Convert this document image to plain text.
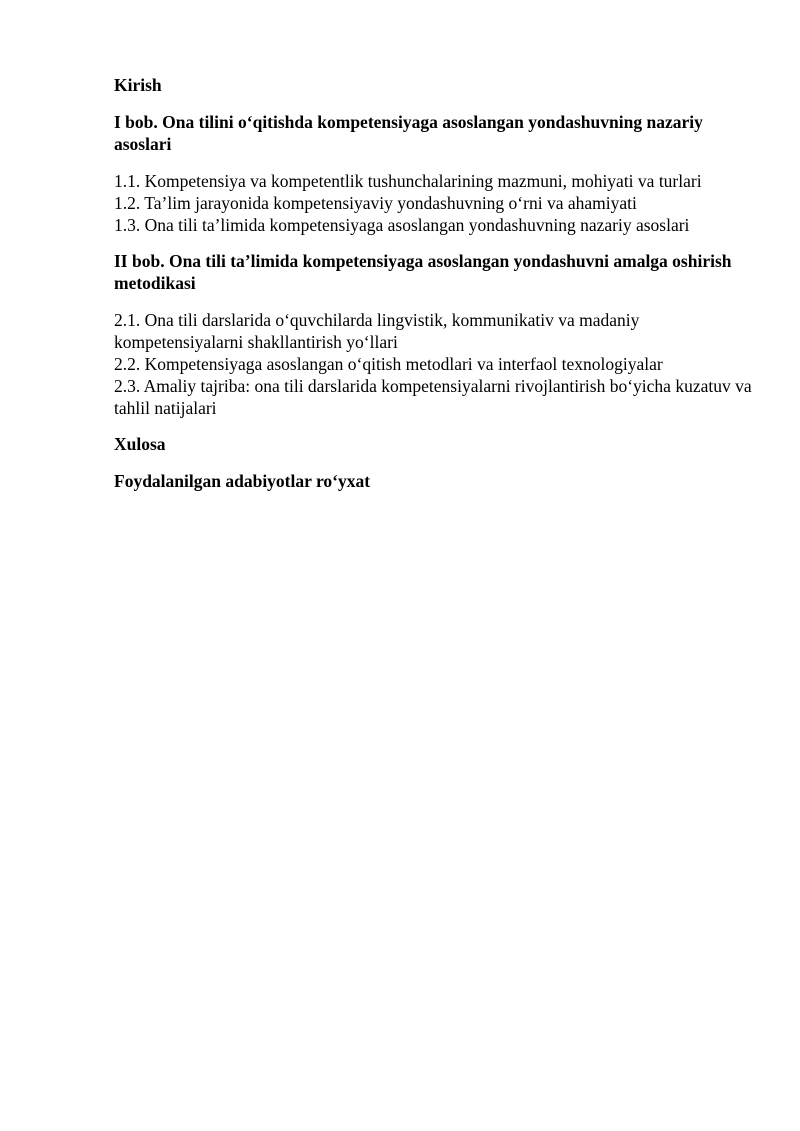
Kirish

I bob. Ona tilini o‘qitishda kompetensiyaga asoslangan yondashuvning nazariy asoslari

1.1. Kompetensiya va kompetentlik tushunchalarining mazmuni, mohiyati va turlari

1.2. Ta’lim jarayonida kompetensiyaviy yondashuvning o‘rni va ahamiyati

1.3. Ona tili ta’limida kompetensiyaga asoslangan yondashuvning nazariy asoslari

II bob. Ona tili ta’limida kompetensiyaga asoslangan yondashuvni amalga oshirish metodikasi

2.1. Ona tili darslarida o‘quvchilarda lingvistik, kommunikativ va madaniy kompetensiyalarni shakllantirish yo‘llari

2.2. Kompetensiyaga asoslangan o‘qitish metodlari va interfaol texnologiyalar

2.3. Amaliy tajriba: ona tili darslarida kompetensiyalarni rivojlantirish bo‘yicha kuzatuv va tahlil natijalari

Xulosa

Foydalanilgan adabiyotlar ro‘yxat
